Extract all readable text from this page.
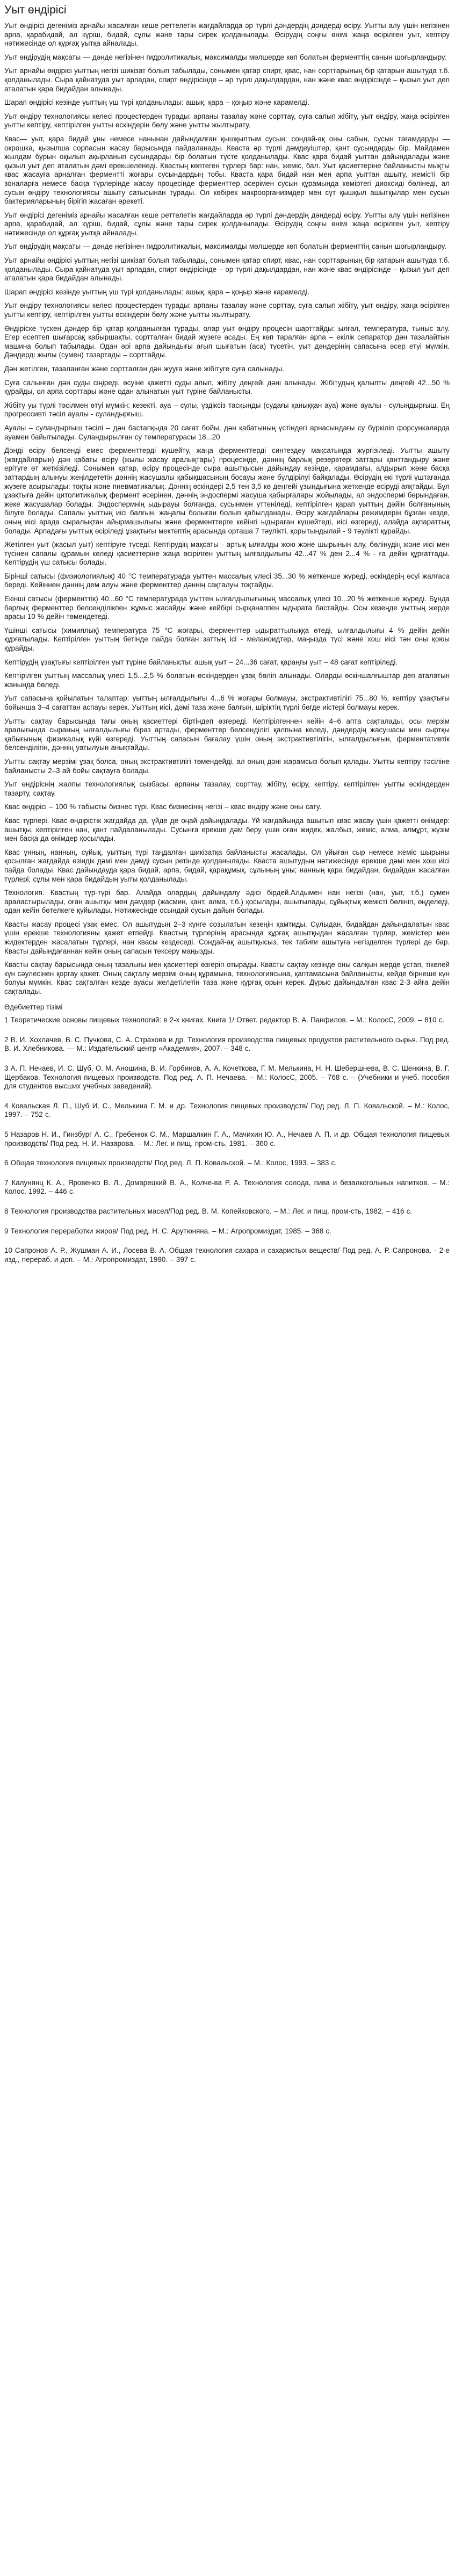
Уыт өндірісі

Уыт өндірісі дегеніміз арнайы жасалған кеше реттелетін жағдайларда әр түрлі дәндердің дәндерді өсіру. Уытты алу үшін негізінен арпа, қарабидай, ал күріш, бидай, сұлы және тары сирек қолданылады. Өсірудің соңғы өнімі жаңа өсірілген уыт, кептіру нәтижесінде ол құрғақ уытқа айналады.

Уыт өндірудің мақсаты — дәнде негізінен гидролитикалық, максималды мөлшерде көп болатын ферменттің санын шоғырландыру.

Уыт арнайы өндірісі уыттың негізі шикізат болып табылады, сонымен қатар спирт, қвас, нан сорттарының бір қатарын ашытуда т.б. қолданылады. Сыра қайнатуда уыт арпадан, спирт өндірісінде – әр түрлі дақылдардан, нан және квас өндірісінде – қызыл уыт деп аталатын қара бидайдан алынады.

Шарап өндірісі кезінде уыттың үш түрі қолданылады: ашық, қара – қоңыр және карамелді.

Уыт өндіру технологиясы келесі процестерден тұрады: арпаны тазалау және сорттау, суға салып жібіту, уыт өндіру, жаңа өсірілген уытты кептіру, кептірілген уытты өскіндерін бөлу және уытты жылтырату.

Квас— уыт, қара бидай ұны немесе нанынан дайындалған қышқылтым сусын; сондай-ақ оны сабын, сусын тағамдарды — окрошка, қызылша сорпасын жасау барысында пайдаланады. Кваста әр түрлі дәмдеуіштер, қант сусындарды бір. Майдамен жылдам бурын оқылып ақырланып сусындарды бір болатын түсте қолданылады. Квас қара бидай уыттан дайындалады және қызыл уыт деп аталатын дәмі ерекшеленеді. Квастың көптеген түрлері бар: нан, жеміс, бал. Уыт қасиеттеріне байланысты мықты квас жасауға арналған ферментті жоғары сусындардың тобы. Кваста қара бидай нан мен арпа уыттан ашыту, жемісті бір зоналарға немесе басқа түрлерінде жасау процесінде ферменттер әсерімен сусын құрамында көміртегі диоксиді бөлінеді, ал сусын өндіру технологиясы ашыту сатысынан тұрады. Ол көбірек макроорганизмдер мен сүт қышқыл ашытқылар мен сусын бактерияларының бірігіп жасаған әрекеті.

Уыт өндірісі дегеніміз арнайы жасалған кеше реттелетін жағдайларда әр түрлі дәндердің дәндерді өсіру. Уытты алу үшін негізінен арпа, қарабидай, ал күріш, бидай, сұлы және тары сирек қолданылады. Өсірудің соңғы өнімі жаңа өсірілген уыт, кептіру нәтижесінде ол құрғақ уытқа айналады.

Уыт өндірудің мақсаты — дәнде негізінен гидролитикалық, максималды мөлшерде көп болатын ферменттің санын шоғырландыру.

Уыт арнайы өндірісі уыттың негізі шикізат болып табылады, сонымен қатар спирт, квас, нан сорттарының бір қатарын ашытуда т.б. қолданылады. Сыра қайнатуда уыт арпадан, спирт өндірісінде – әр түрлі дақылдардан, нан және квас өндірісінде – қызыл уыт деп аталатын қара бидайдан алынады.

Шарап өндірісі кезінде уыттың үш түрі қолданылады: ашық, қара – қоңыр және карамелді.

Уыт өндіру технологиясы келесі процестерден тұрады: арпаны тазалау және сорттау, суға салып жібіту, уыт өндіру, жаңа өсірілген уытты кептіру, кептірілген уытты өскіндерін бөлу және уытты жылтырату.

Өндіріске түскен дәндер бір қатар қолданылған тұрады, олар уыт өндіру процесін шарттайды: ылғал, температура, тыныс алу. Егер есептеп шығарсақ қабыршақты, сортталған бидай жүзеге асады. Ең көп таралған арпа – екілік сепаратор дән тазалайтын машина болып табылады. Одан әрі арпа дайындығы ағып шығатын (аса) түсетін, уыт дәндерінің сапасына әсер етуі мүмкін. Дәндерді жылы (сумен) тазартады – сорттайды.

Дән жетілген, тазаланған және сортталған дән жууға және жібітуге суға салынады.

Суға салынған дән суды сіңіреді, өсуіне қажетті суды алып, жібіту деңгейі дәні алынады. Жібітудың қалыпты деңгейі 42...50 % құрайды, ол арпа сорттары және одан алынатын уыт түріне байланысты.

Жібіту уы түрлі тәсілмен өтуі мүмкін: кезекті, ауа – сулы, үздіксіз тасқынды (судағы қаныққан ауа) және ауалы - сулындырғыш. Ең прогрессивті тәсіл ауалы - суландырғыш.

Ауалы – суландырғыш тәсілі – дән бастапқыда 20 сағат бойы, дән қабатының үстіндегі арнасындағы су бүркіліп форсункаларда ауамен байытылады. Суландырылған су температурасы 18...20

Дәнді өсіру белсенді емес ферменттерді күшейту, жаңа ферменттерді синтездеу мақсатында жүргізіледі. Уытты ашыту (жағдайларын) дән қабаты өсіру (жылы жасау аралықтары) процесінде, дәннің барлық резервтері заттары қанттандыру және ерітуге өт жеткізіледі. Сонымен қатар, өсіру процесінде сыра ашытқысын дайындау кезінде, қарамдағы, алдырып және басқа заттардың алынуы жеңілдететін дәннің жасушалы қабықшасының босауы және бүлдірілуі байқалады. Өсірудің екі түрлі ұштағанда жүзеге асырылады: тоқты және пневматикалық. Дәннің өскіндері 2,5 тен 3,5 кө деңгейі ұзындығына жеткенде өсіруді аяқтайды. Бұл ұзақтыға дейін цитолитикалық фермент әсерінен, дәннің эндоспермі жасуша қабырғалары жойылады, ал эндоспермі бөрындаған, жеке жасушалар болады. Эндоспермнің ыдырауы болғанда, сусынмен уттеніледі, кептірілген қарап уыттың дәйін болғанының білуге болады. Сапалы уыттың иісі балғын, жаңалы болыған болып қабылданады. Өсіру жағдайлары режимдерін бұзған кезде, оның иісі арада сыралықтан айырмашылығы және ферменттерге кейінгі ыдыраған күшейтеді, иісі өзгереді, алайда ақпараттық болады. Арпадағы уыттық өсіріледі ұзақтығы мектептің арасында орташа 7 тәулікті, қорытындылай - 9 тәулікті құрайды.

Жетілген уыт (жасыл уыт) кептіруге түседі. Кептірудің мақсаты - артық ылғалды жою және шырынын алу, бөлінудің және иісі мен түсінен сапалы құрамын келеді қасиеттеріне жаңа өсірілген уыттың ылғалдылығы 42...47 % ден 2...4 % - ға дейін құрғаттады. Кептірудің үш сатысы болады.

Бірінші сатысы (физиологиялық) 40 °С температурада уыттен массалық үлесі 35...30 % жеткенше жүреді, өскіндерің өсуі жалғаса береді. Кейіннен дәннің дем алуы және ферменттер дәннің сақталуы тоқтайды.

Екінші сатысы (ферменттік) 40...60 °С температурада уыттен ылғалдылығының массалық үлесі 10...20 % жеткенше жүреді. Бұнда барлық ферменттер белсенділікпен жұмыс жасайды және кейбірі сырқанаппен ыдырата бастайды. Осы кезеңде уыттың жерде арасы 10 % дейін төмендетеді.

Үшінші сатысы (химиялық) температура 75 °С жоғары, ферменттер ыдыраттылыққа өтеді, ылғалдылығы 4 % дейін дейін құрғатылады. Кептірілген уыттың бетінде пайда болған заттың ісі - меланоидтер, маңызда түсі және хош иісі тән оны қоюы құрайды.

Кептірудің ұзақтығы кептірілген уыт түріне байланысты: ашық уыт – 24...36 сағат, қараңғы уыт – 48 сағат кептіріледі.

Кептірілген уыттың массалық үлесі 1,5...2,5 % болатын өскіндерден ұзақ бөліп алынады. Оларды өскіншалғыштар деп аталатын жанында бөледі.

Уыт сапасына қойылатын талаптар: уыттың ылғалдылығы 4...6 % жоғары болмауы, экстрактивтілігі 75...80 %, кептіру ұзақтығы бойынша 3–4 сағаттан аспауы керек. Уыттың иісі, дәмі таза және балғын, шіріктің түрлі бөгде иістері болмауы керек.

Уытты сақтау барысында тағы оның қасиеттері біртіндеп өзгереді. Кептірілгеннен кейін 4–6 апта сақталады, осы мерзім аралығында сыраның ылғалдылығы біраз артады, ферменттер белсенділігі қалпына келеді, дәндердің жасушасы мен сыртқы қабығының физикалық күйі өзгереді. Уыттың сапасын бағалау үшін оның экстрактивтілігін, ылғалдылығын, ферментативтік белсенділігін, дәннің уатылуын анықтайды.

Уытты сақтау мерзімі ұзақ болса, оның экстрактивтілігі төмендейді, ал оның дәні жарамсыз болып қалады. Уытты кептіру тәсіліне байланысты 2–3 ай бойы сақтауға болады.

Уыт өндіріснің жалпы технологиялық сызбасы: арпаны тазалау, сорттау, жібіту, өсіру, кептіру, кептірілген уытты өскіндерден тазарту, сақтау.

Квас өндірісі – 100 % табысты бизнес түрі. Квас бизнесінің негізі – квас өндіру және оны сату.

Квас түрлері. Квас өндірістік жағдайда да, үйде де оңай дайындалады. Үй жағдайында ашытып квас жасау үшін қажетті өнімдер: ашытқы, кептірілген нан, қант пайдаланылады. Сусынға ерекше дәм беру үшін оған жидек, жалбыз, жеміс, алма, алмұрт, жүзім мен басқа да өнімдер қосылады.

Квас ұнның, нанның, сұйық, уыттың түрі таңдалған шикізатқа байланысты жасалады. Ол ұйыған сыр немесе жеміс шырыны қосылған жағдайда өзіндік дәмі мен дәмді сусын ретінде қолданылады. Кваста ашытудың нәтижесінде ерекше дәмі мен хош иісі пайда болады. Квас дайындауда қара бидай, арпа, бидай, қарақұмық, сұлының ұны; нанның қара бидайдан, бидайдан жасалған түрлері; сұлы мен қара бидайдың уыты қолданылады.

Технология. Квастың түр-түрі бар. Алайда олардың дайындалу әдісі бірдей.Алдымен нан негізі (нан, уыт, т.б.) сумен араластырылады, оған ашытқы мен дәмдер (жасмин, қант, алма, т.б.) қосылады, ашытылады, сұйықтық жемісті бөлініп, өңделеді, одан кейін бөтелкеге құйылады. Нәтижесінде осындай сусын дайын болады.

Квасты жасау процесі ұзақ емес. Ол ашытудың 2–3 күнге созылатын кезеңін қамтиды. Сұлыдан, бидайдан дайындалатын квас үшін ерекше технологияны қажет етпейді. Квастың түрлерінің арасында құрғақ ашытқыдан жасалған түрлер, жемістер мен жидектерден жасалатын түрлері, нан кваcы кездеседі. Сондай-ақ ашытқысыз, тек табиғи ашытуға негізделген түрлері де бар. Квасты дайындағаннан кейін оның сапасын тексеру маңызды.

Квасты сақтау барысында оның тазалығы мен қасиеттері өзгеріп отырады. Квасты сақтау кезінде оны салқын жерде ұстап, тікелей күн сәулесінен қорғау қажет. Оның сақталу мерзімі оның құрамына, технологиясына, қаптамасына байланысты, кейде бірнеше күн болуы мүмкін. Квас сақталған кезде ауасы желдетілетін таза және құрғақ орын керек. Дұрыс дайындалған квас 2-3 айға дейін сақталады.

Әдебиеттер тізімі
1 Теоретические основы пищевых технологий: в 2-х книгах. Книга 1/ Ответ. редактор В. А. Панфилов. – М.: КолосС, 2009. – 810 с.
2 В. И. Хохлачев, В. С. Пучкова, С. А. Страхова и др. Технология производства пищевых продуктов растительного сырья. Под ред. В. И. Хлебникова. — М.: Издательский центр «Академия», 2007. – 348 с.
3 А. П. Нечаев, И. С. Шуб, О. М. Аношина, В. И. Горбинов, А. А. Кочеткова, Г. М. Мелькина, Н. Н. Шебершнева, В. С. Шенкина, В. Г. Щербаков. Технология пищевых производств. Под ред. А. П. Нечаева. – М.: КолосС, 2005. – 768 с. – (Учебники и учеб. пособия для студентов высших учебных заведений).
4 Ковальская Л. П., Шуб И. С., Мелькина Г. М. и др. Технология пищевых производств/ Под ред. Л. П. Ковальской. – М.: Колос, 1997. – 752 с.
5 Назаров Н. И., Гинзбург А. С., Гребенюк С. М., Маршалкин Г. А., Мачихин Ю. А., Нечаев А. П. и др. Общая технология пищевых производств/ Под ред. Н. И. Назарова. – М.: Лег. и пищ. пром-сть, 1981. – 360 с.
6 Общая технология пищевых производств/ Под ред. Л. П. Ковальской. – М.: Колос, 1993. – 383 с.
7 Калунянц К. А., Яровенко В. Л., Домарецкий В. А., Колче-ва Р. А. Технология солода, пива и безалкогольных напитков. – М.: Колос, 1992. – 446 с.
8 Технология производства растительных масел/Под ред. В. М. Копейковского. – М.: Лег. и пищ. пром-сть, 1982. – 416 с.
9 Технология переработки жиров/ Под ред. Н. С. Арутюняна. – М.: Агропромиздат, 1985. – 368 с.
10 Сапронов А. Р., Жушман А. И., Лосева В. А. Общая технология сахара и сахаристых веществ/ Под ред. А. Р. Сапронова. - 2-е изд., перераб. и доп. – М.: Агропромиздат, 1990. – 397 с.
